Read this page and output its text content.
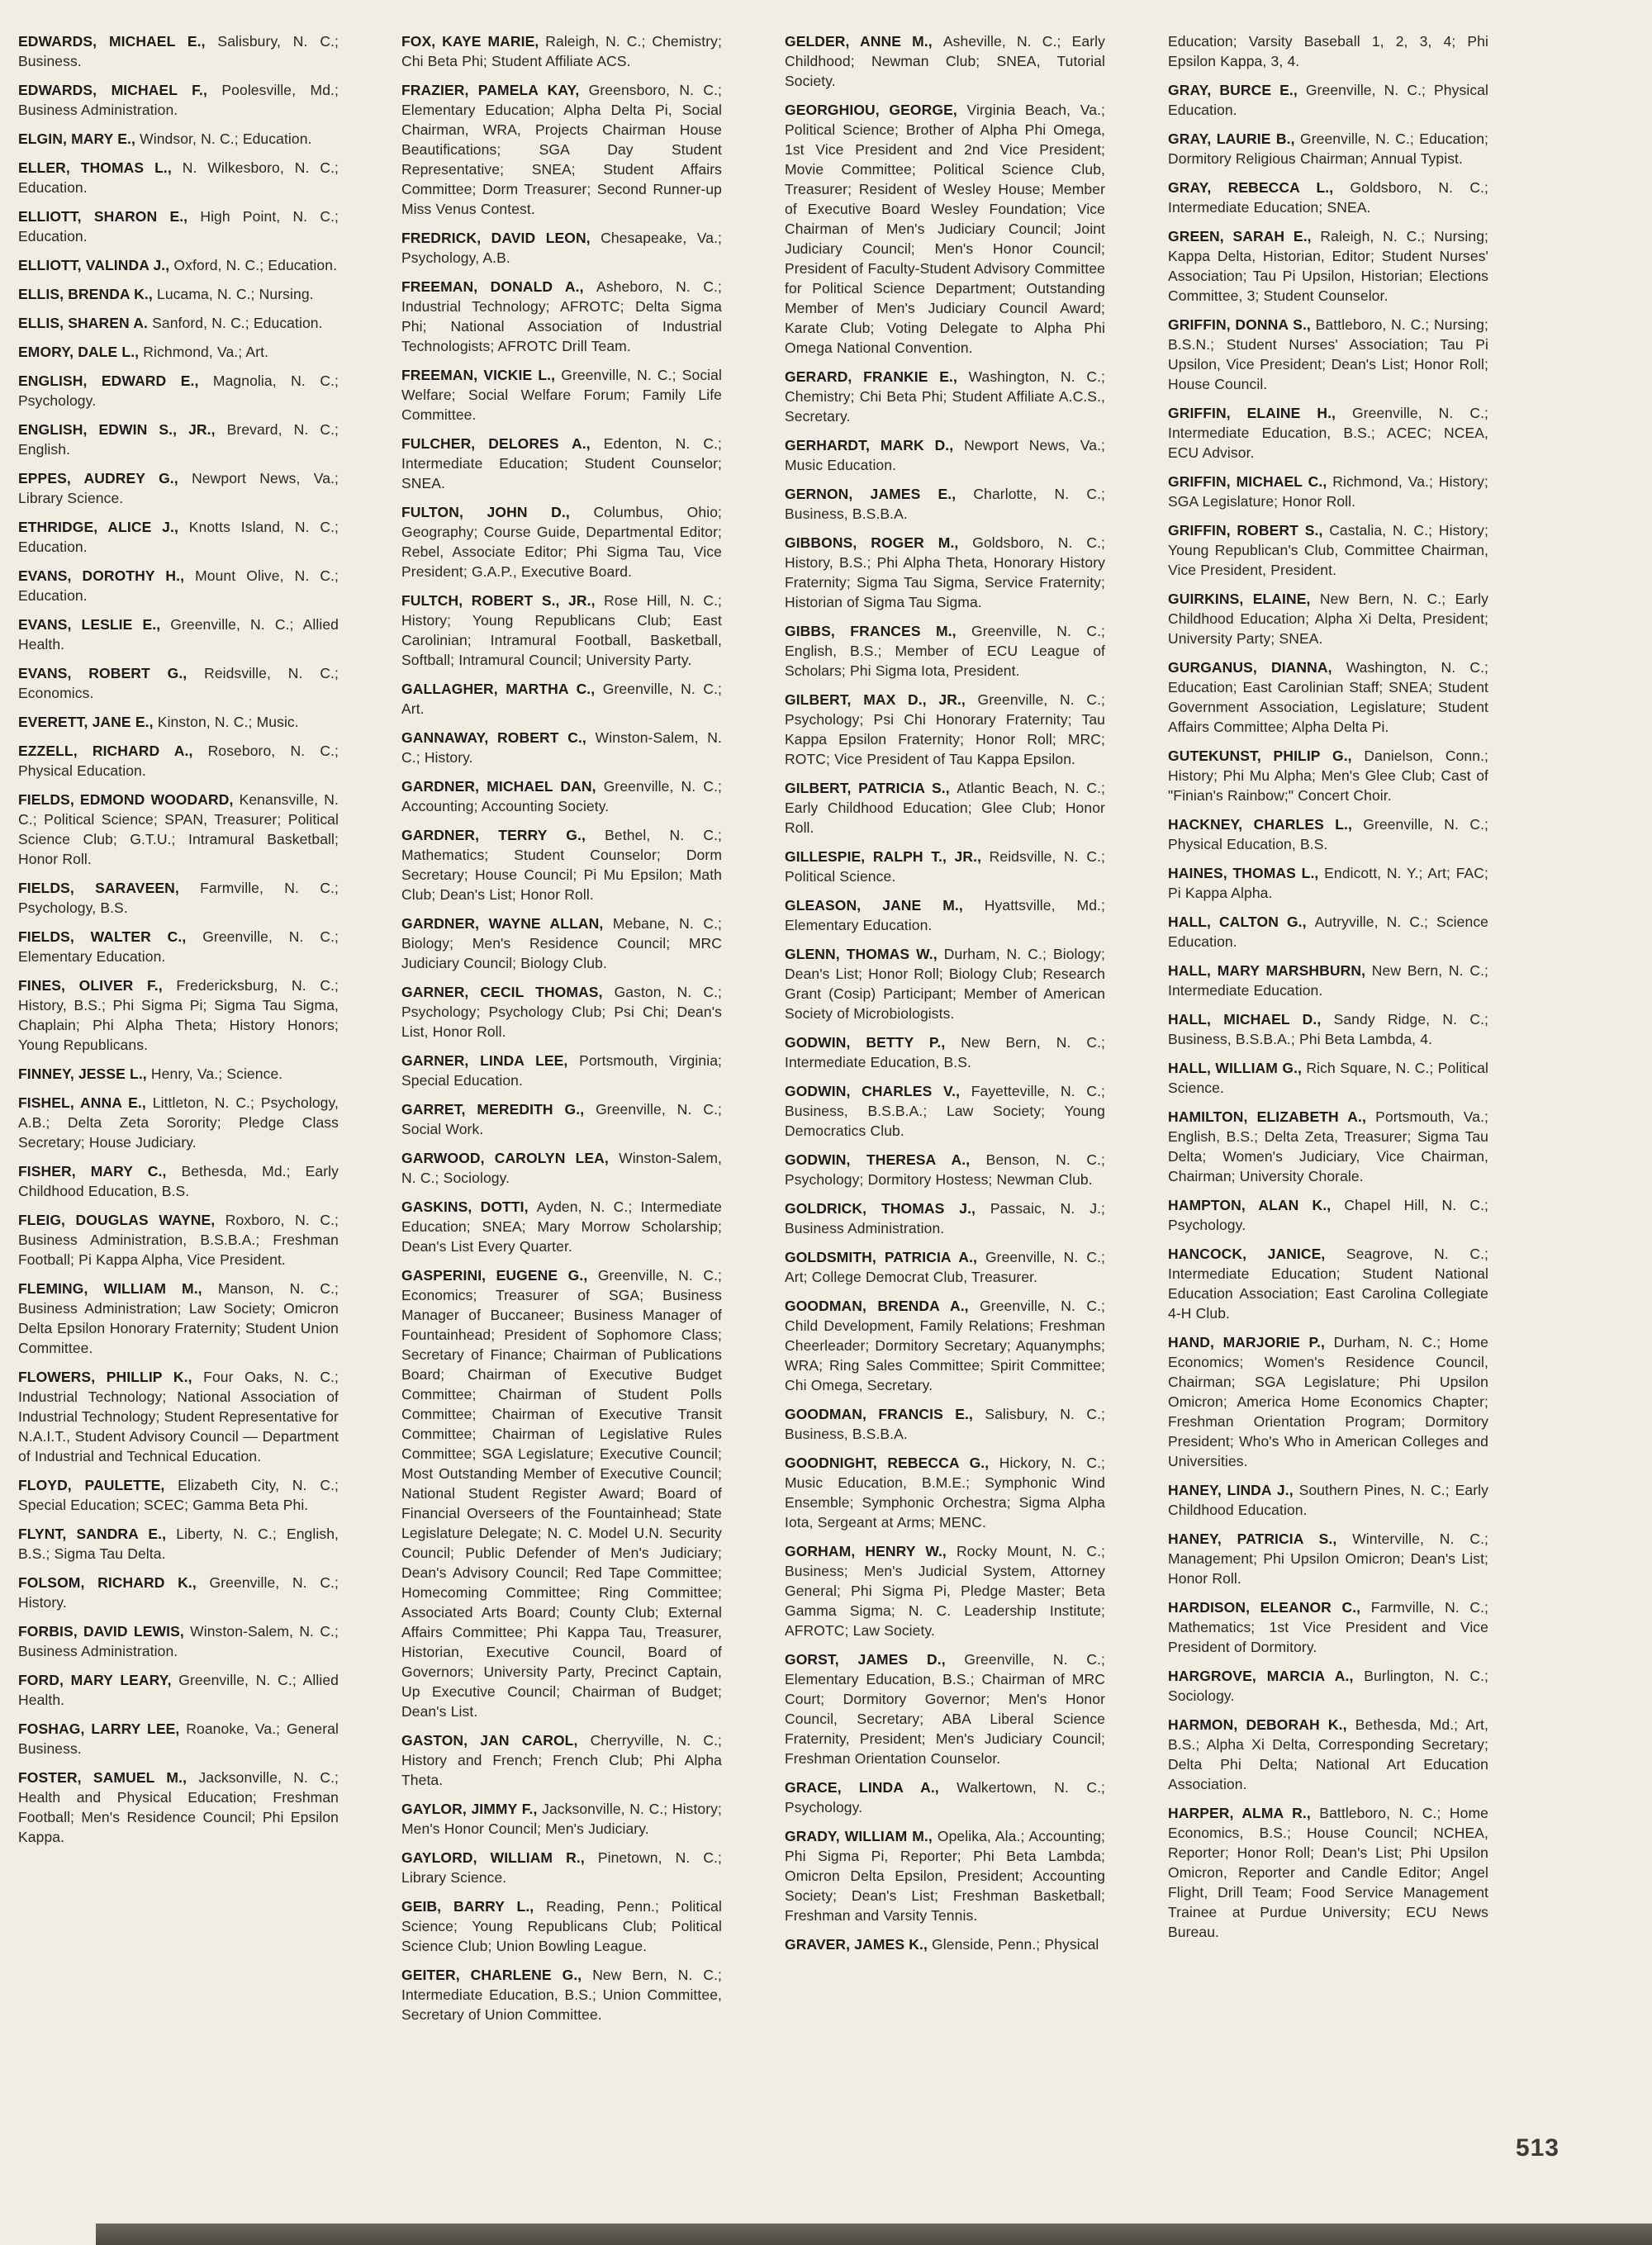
EDWARDS, MICHAEL E., Salisbury, N. C.; Business.

EDWARDS, MICHAEL F., Poolesville, Md.; Business Administration.

ELGIN, MARY E., Windsor, N. C.; Education.

ELLER, THOMAS L., N. Wilkesboro, N. C.; Education.

ELLIOTT, SHARON E., High Point, N. C.; Education.

ELLIOTT, VALINDA J., Oxford, N. C.; Education.

ELLIS, BRENDA K., Lucama, N. C.; Nursing.

ELLIS, SHAREN A. Sanford, N. C.; Education.

EMORY, DALE L., Richmond, Va.; Art.

ENGLISH, EDWARD E., Magnolia, N. C.; Psychology.

ENGLISH, EDWIN S., JR., Brevard, N. C.; English.

EPPES, AUDREY G., Newport News, Va.; Library Science.

ETHRIDGE, ALICE J., Knotts Island, N. C.; Education.

EVANS, DOROTHY H., Mount Olive, N. C.; Education.

EVANS, LESLIE E., Greenville, N. C.; Allied Health.

EVANS, ROBERT G., Reidsville, N. C.; Economics.

EVERETT, JANE E., Kinston, N. C.; Music.

EZZELL, RICHARD A., Roseboro, N. C.; Physical Education.

FIELDS, EDMOND WOODARD, Kenansville, N. C.; Political Science; SPAN, Treasurer; Political Science Club; G.T.U.; Intramural Basketball; Honor Roll.

FIELDS, SARAVEEN, Farmville, N. C.; Psychology, B.S.

FIELDS, WALTER C., Greenville, N. C.; Elementary Education.

FINES, OLIVER F., Fredericksburg, N. C.; History, B.S.; Phi Sigma Pi; Sigma Tau Sigma, Chaplain; Phi Alpha Theta; History Honors; Young Republicans.

FINNEY, JESSE L., Henry, Va.; Science.

FISHEL, ANNA E., Littleton, N. C.; Psychology, A.B.; Delta Zeta Sorority; Pledge Class Secretary; House Judiciary.

FISHER, MARY C., Bethesda, Md.; Early Childhood Education, B.S.

FLEIG, DOUGLAS WAYNE, Roxboro, N. C.; Business Administration, B.S.B.A.; Freshman Football; Pi Kappa Alpha, Vice President.

FLEMING, WILLIAM M., Manson, N. C.; Business Administration; Law Society; Omicron Delta Epsilon Honorary Fraternity; Student Union Committee.

FLOWERS, PHILLIP K., Four Oaks, N. C.; Industrial Technology; National Association of Industrial Technology; Student Representative for N.A.I.T., Student Advisory Council — Department of Industrial and Technical Education.

FLOYD, PAULETTE, Elizabeth City, N. C.; Special Education; SCEC; Gamma Beta Phi.

FLYNT, SANDRA E., Liberty, N. C.; English, B.S.; Sigma Tau Delta.

FOLSOM, RICHARD K., Greenville, N. C.; History.

FORBIS, DAVID LEWIS, Winston-Salem, N. C.; Business Administration.

FORD, MARY LEARY, Greenville, N. C.; Allied Health.

FOSHAG, LARRY LEE, Roanoke, Va.; General Business.

FOSTER, SAMUEL M., Jacksonville, N. C.; Health and Physical Education; Freshman Football; Men's Residence Council; Phi Epsilon Kappa.

FOX, KAYE MARIE, Raleigh, N. C.; Chemistry; Chi Beta Phi; Student Affiliate ACS.

FRAZIER, PAMELA KAY, Greensboro, N. C.; Elementary Education; Alpha Delta Pi, Social Chairman, WRA, Projects Chairman House Beautifications; SGA Day Student Representative; SNEA; Student Affairs Committee; Dorm Treasurer; Second Runner-up Miss Venus Contest.

FREDRICK, DAVID LEON, Chesapeake, Va.; Psychology, A.B.

FREEMAN, DONALD A., Asheboro, N. C.; Industrial Technology; AFROTC; Delta Sigma Phi; National Association of Industrial Technologists; AFROTC Drill Team.

FREEMAN, VICKIE L., Greenville, N. C.; Social Welfare; Social Welfare Forum; Family Life Committee.

FULCHER, DELORES A., Edenton, N. C.; Intermediate Education; Student Counselor; SNEA.

FULTON, JOHN D., Columbus, Ohio; Geography; Course Guide, Departmental Editor; Rebel, Associate Editor; Phi Sigma Tau, Vice President; G.A.P., Executive Board.

FULTCH, ROBERT S., JR., Rose Hill, N. C.; History; Young Republicans Club; East Carolinian; Intramural Football, Basketball, Softball; Intramural Council; University Party.

GALLAGHER, MARTHA C., Greenville, N. C.; Art.

GANNAWAY, ROBERT C., Winston-Salem, N. C.; History.

GARDNER, MICHAEL DAN, Greenville, N. C.; Accounting; Accounting Society.

GARDNER, TERRY G., Bethel, N. C.; Mathematics; Student Counselor; Dorm Secretary; House Council; Pi Mu Epsilon; Math Club; Dean's List; Honor Roll.

GARDNER, WAYNE ALLAN, Mebane, N. C.; Biology; Men's Residence Council; MRC Judiciary Council; Biology Club.

GARNER, CECIL THOMAS, Gaston, N. C.; Psychology; Psychology Club; Psi Chi; Dean's List, Honor Roll.

GARNER, LINDA LEE, Portsmouth, Virginia; Special Education.

GARRET, MEREDITH G., Greenville, N. C.; Social Work.

GARWOOD, CAROLYN LEA, Winston-Salem, N. C.; Sociology.

GASKINS, DOTTI, Ayden, N. C.; Intermediate Education; SNEA; Mary Morrow Scholarship; Dean's List Every Quarter.

GASPERINI, EUGENE G., Greenville, N. C.; Economics; Treasurer of SGA; Business Manager of Buccaneer; Business Manager of Fountainhead; President of Sophomore Class; Secretary of Finance; Chairman of Publications Board; Chairman of Executive Budget Committee; Chairman of Student Polls Committee; Chairman of Executive Transit Committee; Chairman of Legislative Rules Committee; SGA Legislature; Executive Council; Most Outstanding Member of Executive Council; National Student Register Award; Board of Financial Overseers of the Fountainhead; State Legislature Delegate; N. C. Model U.N. Security Council; Public Defender of Men's Judiciary; Dean's Advisory Council; Red Tape Committee; Homecoming Committee; Ring Committee; Associated Arts Board; County Club; External Affairs Committee; Phi Kappa Tau, Treasurer, Historian, Executive Council, Board of Governors; University Party, Precinct Captain, Up Executive Council; Chairman of Budget; Dean's List.

GASTON, JAN CAROL, Cherryville, N. C.; History and French; French Club; Phi Alpha Theta.

GAYLOR, JIMMY F., Jacksonville, N. C.; History; Men's Honor Council; Men's Judiciary.

GAYLORD, WILLIAM R., Pinetown, N. C.; Library Science.

GEIB, BARRY L., Reading, Penn.; Political Science; Young Republicans Club; Political Science Club; Union Bowling League.

GEITER, CHARLENE G., New Bern, N. C.; Intermediate Education, B.S.; Union Committee, Secretary of Union Committee.

GELDER, ANNE M., Asheville, N. C.; Early Childhood; Newman Club; SNEA, Tutorial Society.

GEORGHIOU, GEORGE, Virginia Beach, Va.; Political Science; Brother of Alpha Phi Omega, 1st Vice President and 2nd Vice President; Movie Committee; Political Science Club, Treasurer; Resident of Wesley House; Member of Executive Board Wesley Foundation; Vice Chairman of Men's Judiciary Council; Joint Judiciary Council; Men's Honor Council; President of Faculty-Student Advisory Committee for Political Science Department; Outstanding Member of Men's Judiciary Council Award; Karate Club; Voting Delegate to Alpha Phi Omega National Convention.

GERARD, FRANKIE E., Washington, N. C.; Chemistry; Chi Beta Phi; Student Affiliate A.C.S., Secretary.

GERHARDT, MARK D., Newport News, Va.; Music Education.

GERNON, JAMES E., Charlotte, N. C.; Business, B.S.B.A.

GIBBONS, ROGER M., Goldsboro, N. C.; History, B.S.; Phi Alpha Theta, Honorary History Fraternity; Sigma Tau Sigma, Service Fraternity; Historian of Sigma Tau Sigma.

GIBBS, FRANCES M., Greenville, N. C.; English, B.S.; Member of ECU League of Scholars; Phi Sigma Iota, President.

GILBERT, MAX D., JR., Greenville, N. C.; Psychology; Psi Chi Honorary Fraternity; Tau Kappa Epsilon Fraternity; Honor Roll; MRC; ROTC; Vice President of Tau Kappa Epsilon.

GILBERT, PATRICIA S., Atlantic Beach, N. C.; Early Childhood Education; Glee Club; Honor Roll.

GILLESPIE, RALPH T., JR., Reidsville, N. C.; Political Science.

GLEASON, JANE M., Hyattsville, Md.; Elementary Education.

GLENN, THOMAS W., Durham, N. C.; Biology; Dean's List; Honor Roll; Biology Club; Research Grant (Cosip) Participant; Member of American Society of Microbiologists.

GODWIN, BETTY P., New Bern, N. C.; Intermediate Education, B.S.

GODWIN, CHARLES V., Fayetteville, N. C.; Business, B.S.B.A.; Law Society; Young Democratics Club.

GODWIN, THERESA A., Benson, N. C.; Psychology; Dormitory Hostess; Newman Club.

GOLDRICK, THOMAS J., Passaic, N. J.; Business Administration.

GOLDSMITH, PATRICIA A., Greenville, N. C.; Art; College Democrat Club, Treasurer.

GOODMAN, BRENDA A., Greenville, N. C.; Child Development, Family Relations; Freshman Cheerleader; Dormitory Secretary; Aquanymphs; WRA; Ring Sales Committee; Spirit Committee; Chi Omega, Secretary.

GOODMAN, FRANCIS E., Salisbury, N. C.; Business, B.S.B.A.

GOODNIGHT, REBECCA G., Hickory, N. C.; Music Education, B.M.E.; Symphonic Wind Ensemble; Symphonic Orchestra; Sigma Alpha Iota, Sergeant at Arms; MENC.

GORHAM, HENRY W., Rocky Mount, N. C.; Business; Men's Judicial System, Attorney General; Phi Sigma Pi, Pledge Master; Beta Gamma Sigma; N. C. Leadership Institute; AFROTC; Law Society.

GORST, JAMES D., Greenville, N. C.; Elementary Education, B.S.; Chairman of MRC Court; Dormitory Governor; Men's Honor Council, Secretary; ABA Liberal Science Fraternity, President; Men's Judiciary Council; Freshman Orientation Counselor.

GRACE, LINDA A., Walkertown, N. C.; Psychology.

GRADY, WILLIAM M., Opelika, Ala.; Accounting; Phi Sigma Pi, Reporter; Phi Beta Lambda; Omicron Delta Epsilon, President; Accounting Society; Dean's List; Freshman Basketball; Freshman and Varsity Tennis.

GRAVER, JAMES K., Glenside, Penn.; Physical

Education; Varsity Baseball 1, 2, 3, 4; Phi Epsilon Kappa, 3, 4.

GRAY, BURCE E., Greenville, N. C.; Physical Education.

GRAY, LAURIE B., Greenville, N. C.; Education; Dormitory Religious Chairman; Annual Typist.

GRAY, REBECCA L., Goldsboro, N. C.; Intermediate Education; SNEA.

GREEN, SARAH E., Raleigh, N. C.; Nursing; Kappa Delta, Historian, Editor; Student Nurses' Association; Tau Pi Upsilon, Historian; Elections Committee, 3; Student Counselor.

GRIFFIN, DONNA S., Battleboro, N. C.; Nursing; B.S.N.; Student Nurses' Association; Tau Pi Upsilon, Vice President; Dean's List; Honor Roll; House Council.

GRIFFIN, ELAINE H., Greenville, N. C.; Intermediate Education, B.S.; ACEC; NCEA, ECU Advisor.

GRIFFIN, MICHAEL C., Richmond, Va.; History; SGA Legislature; Honor Roll.

GRIFFIN, ROBERT S., Castalia, N. C.; History; Young Republican's Club, Committee Chairman, Vice President, President.

GUIRKINS, ELAINE, New Bern, N. C.; Early Childhood Education; Alpha Xi Delta, President; University Party; SNEA.

GURGANUS, DIANNA, Washington, N. C.; Education; East Carolinian Staff; SNEA; Student Government Association, Legislature; Student Affairs Committee; Alpha Delta Pi.

GUTEKUNST, PHILIP G., Danielson, Conn.; History; Phi Mu Alpha; Men's Glee Club; Cast of "Finian's Rainbow;" Concert Choir.

HACKNEY, CHARLES L., Greenville, N. C.; Physical Education, B.S.

HAINES, THOMAS L., Endicott, N. Y.; Art; FAC; Pi Kappa Alpha.

HALL, CALTON G., Autryville, N. C.; Science Education.

HALL, MARY MARSHBURN, New Bern, N. C.; Intermediate Education.

HALL, MICHAEL D., Sandy Ridge, N. C.; Business, B.S.B.A.; Phi Beta Lambda, 4.

HALL, WILLIAM G., Rich Square, N. C.; Political Science.

HAMILTON, ELIZABETH A., Portsmouth, Va.; English, B.S.; Delta Zeta, Treasurer; Sigma Tau Delta; Women's Judiciary, Vice Chairman, Chairman; University Chorale.

HAMPTON, ALAN K., Chapel Hill, N. C.; Psychology.

HANCOCK, JANICE, Seagrove, N. C.; Intermediate Education; Student National Education Association; East Carolina Collegiate 4-H Club.

HAND, MARJORIE P., Durham, N. C.; Home Economics; Women's Residence Council, Chairman; SGA Legislature; Phi Upsilon Omicron; America Home Economics Chapter; Freshman Orientation Program; Dormitory President; Who's Who in American Colleges and Universities.

HANEY, LINDA J., Southern Pines, N. C.; Early Childhood Education.

HANEY, PATRICIA S., Winterville, N. C.; Management; Phi Upsilon Omicron; Dean's List; Honor Roll.

HARDISON, ELEANOR C., Farmville, N. C.; Mathematics; 1st Vice President and Vice President of Dormitory.

HARGROVE, MARCIA A., Burlington, N. C.; Sociology.

HARMON, DEBORAH K., Bethesda, Md.; Art, B.S.; Alpha Xi Delta, Corresponding Secretary; Delta Phi Delta; National Art Education Association.

HARPER, ALMA R., Battleboro, N. C.; Home Economics, B.S.; House Council; NCHEA, Reporter; Honor Roll; Dean's List; Phi Upsilon Omicron, Reporter and Candle Editor; Angel Flight, Drill Team; Food Service Management Trainee at Purdue University; ECU News Bureau.

513
